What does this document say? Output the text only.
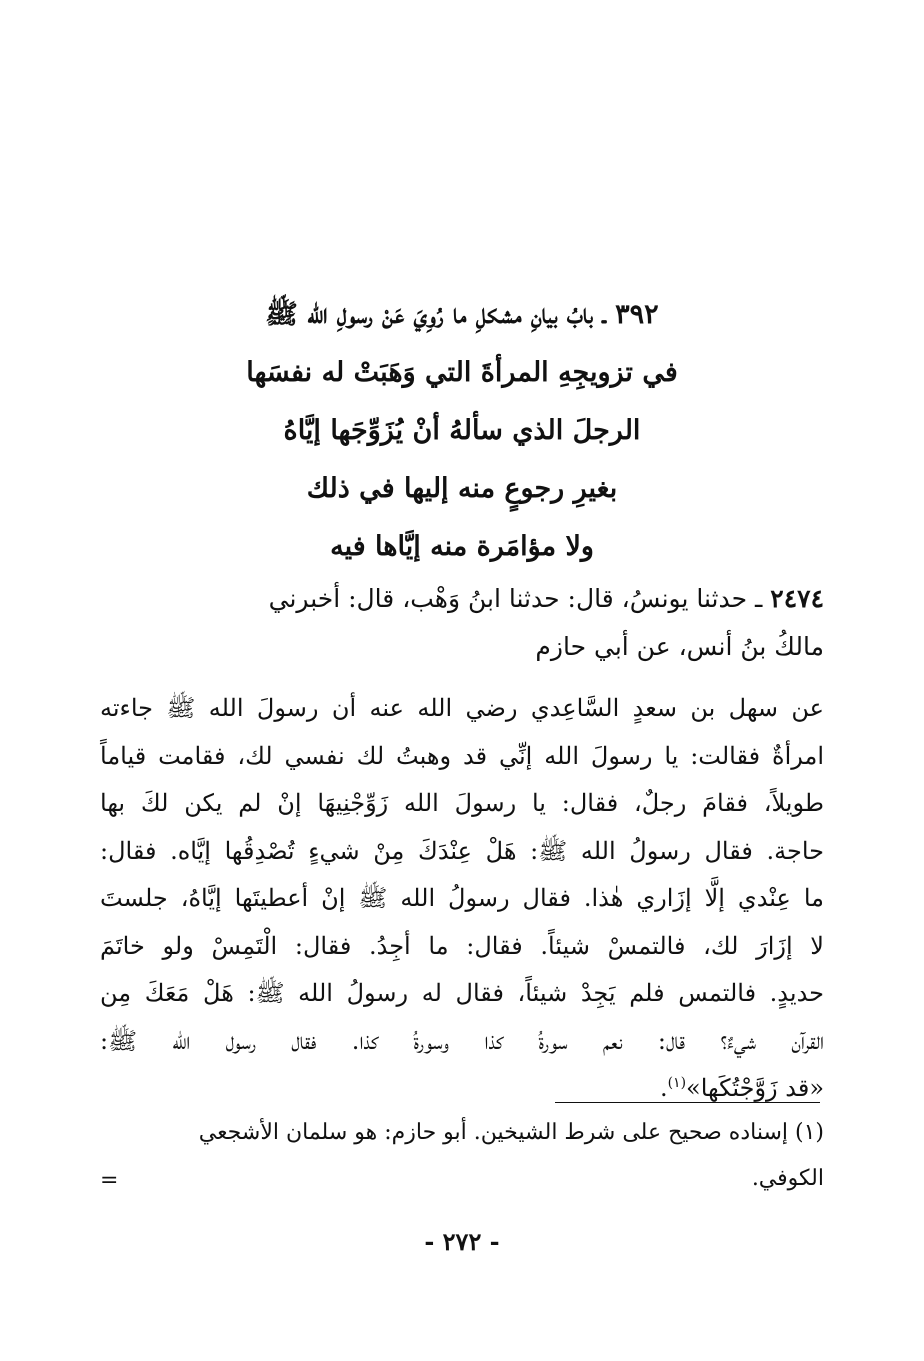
٣٩٢ ـ بابُ بيانِ مشكلِ ما رُوِيَ عَنْ رسولِ الله ﷺ
في تزويجِهِ المرأةَ التي وَهَبَتْ له نفسَها
الرجلَ الذي سألهُ أنْ يُزَوِّجَها إيَّاهُ
بغيرِ رجوعٍ منه إليها في ذلك
ولا مؤامَرة منه إيَّاها فيه
٢٤٧٤ ـ حدثنا يونسُ، قال: حدثنا ابنُ وَهْب، قال: أخبرني
مالكُ بنُ أنس، عن أبي حازم
عن سهل بن سعدٍ السَّاعِدي رضي الله عنه أن رسولَ الله ﷺ جاءته
امرأةٌ فقالت: يا رسولَ الله إنِّي قد وهبتُ لك نفسي لك، فقامت قياماً
طويلاً، فقامَ رجلٌ، فقال: يا رسولَ الله زَوِّجْنِيهَا إنْ لم يكن لكَ بها
حاجة. فقال رسولُ الله ﷺ: هَلْ عِنْدَكَ مِنْ شيءٍ تُصْدِقُها إيَّاه. فقال:
ما عِنْدي إلَّا إزَاري هٰذا. فقال رسولُ الله ﷺ إنْ أعطيتَها إيَّاهُ، جلستَ
لا إزَارَ لك، فالتمسْ شيئاً. فقال: ما أجِدُ. فقال: الْتَمِسْ ولو خاتَمَ
حديدٍ. فالتمس فلم يَجِدْ شيئاً، فقال له رسولُ الله ﷺ: هَلْ مَعَكَ مِن
القرآن شيءٌ؟ قال: نعم سورةُ كذا وسورةُ كذا. فقال رسول الله ﷺ:
«قد زَوَّجْتُكَها»$^{(١)}$.
(١) إسناده صحيح على شرط الشيخين. أبو حازم: هو سلمان الأشجعي
الكوفي.
=
- ٢٧٢ -
